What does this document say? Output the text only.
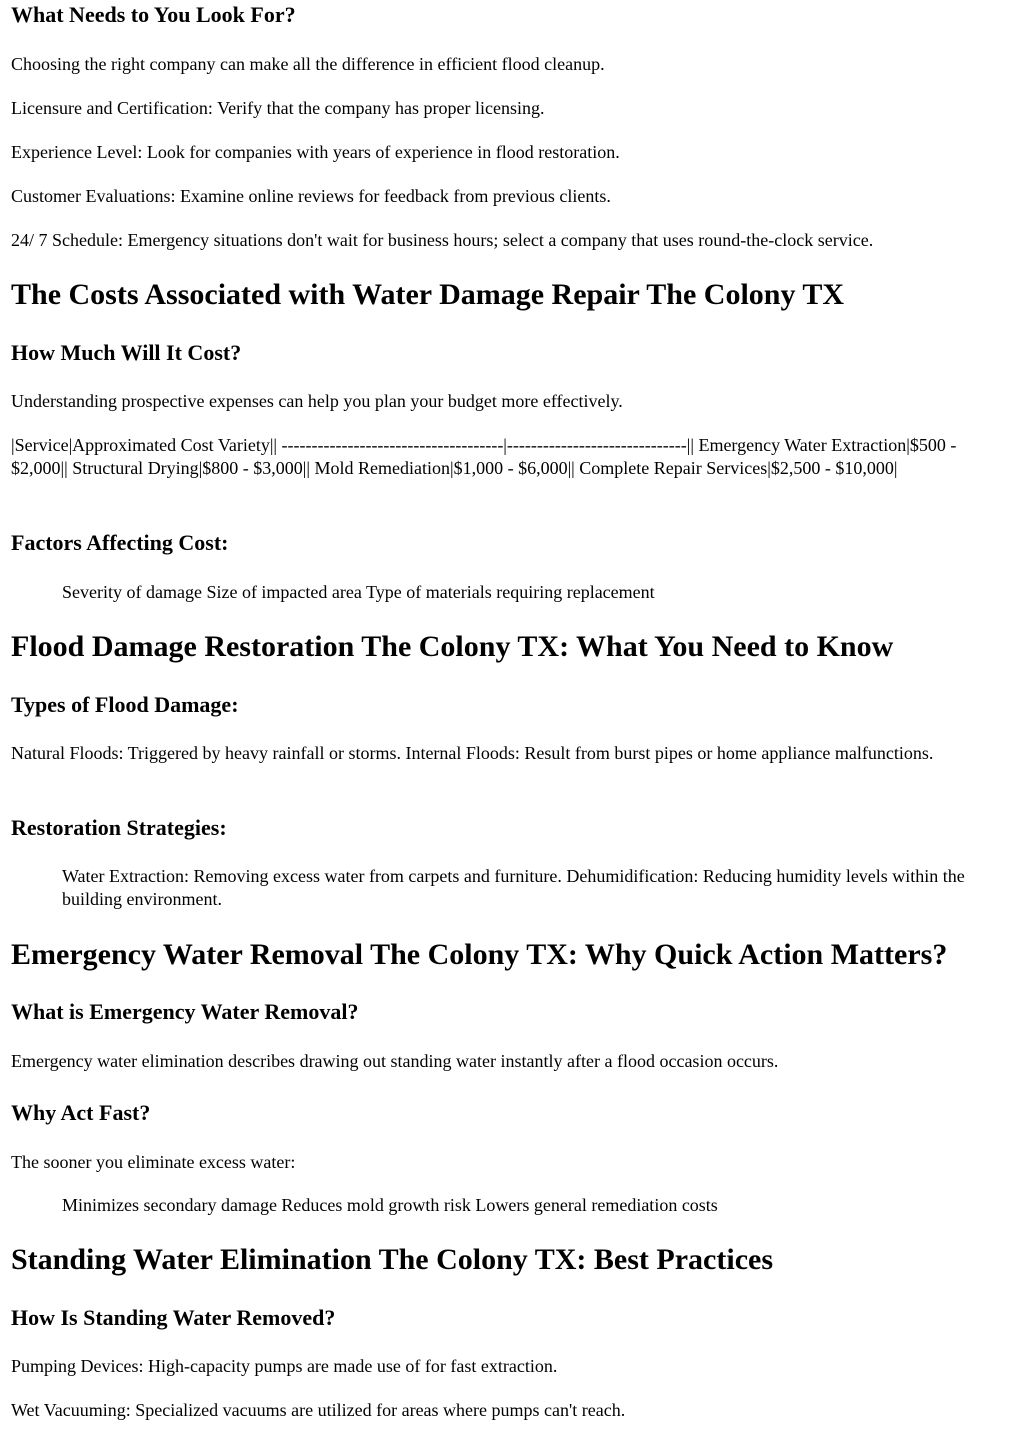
What Needs to You Look For?

Choosing the right company can make all the difference in efficient flood cleanup.

Licensure and Certification: Verify that the company has proper licensing.

Experience Level: Look for companies with years of experience in flood restoration.

Customer Evaluations: Examine online reviews for feedback from previous clients.

24/ 7 Schedule: Emergency situations don't wait for business hours; select a company that uses round-the-clock service.

The Costs Associated with Water Damage Repair The Colony TX
How Much Will It Cost?

Understanding prospective expenses can help you plan your budget more effectively.

|Service|Approximated Cost Variety|| -------------------------------------|------------------------------|| Emergency Water Extraction|$500 - $2,000|| Structural Drying|$800 - $3,000|| Mold Remediation|$1,000 - $6,000|| Complete Repair Services|$2,500 - $10,000|

Factors Affecting Cost:

Severity of damage Size of impacted area Type of materials requiring replacement

Flood Damage Restoration The Colony TX: What You Need to Know
Types of Flood Damage:

Natural Floods: Triggered by heavy rainfall or storms. Internal Floods: Result from burst pipes or home appliance malfunctions.

Restoration Strategies:

Water Extraction: Removing excess water from carpets and furniture. Dehumidification: Reducing humidity levels within the building environment.

Emergency Water Removal The Colony TX: Why Quick Action Matters?
What is Emergency Water Removal?

Emergency water elimination describes drawing out standing water instantly after a flood occasion occurs.

Why Act Fast?

The sooner you eliminate excess water:

Minimizes secondary damage Reduces mold growth risk Lowers general remediation costs

Standing Water Elimination The Colony TX: Best Practices
How Is Standing Water Removed?

Pumping Devices: High-capacity pumps are made use of for fast extraction.

Wet Vacuuming: Specialized vacuums are utilized for areas where pumps can't reach.
